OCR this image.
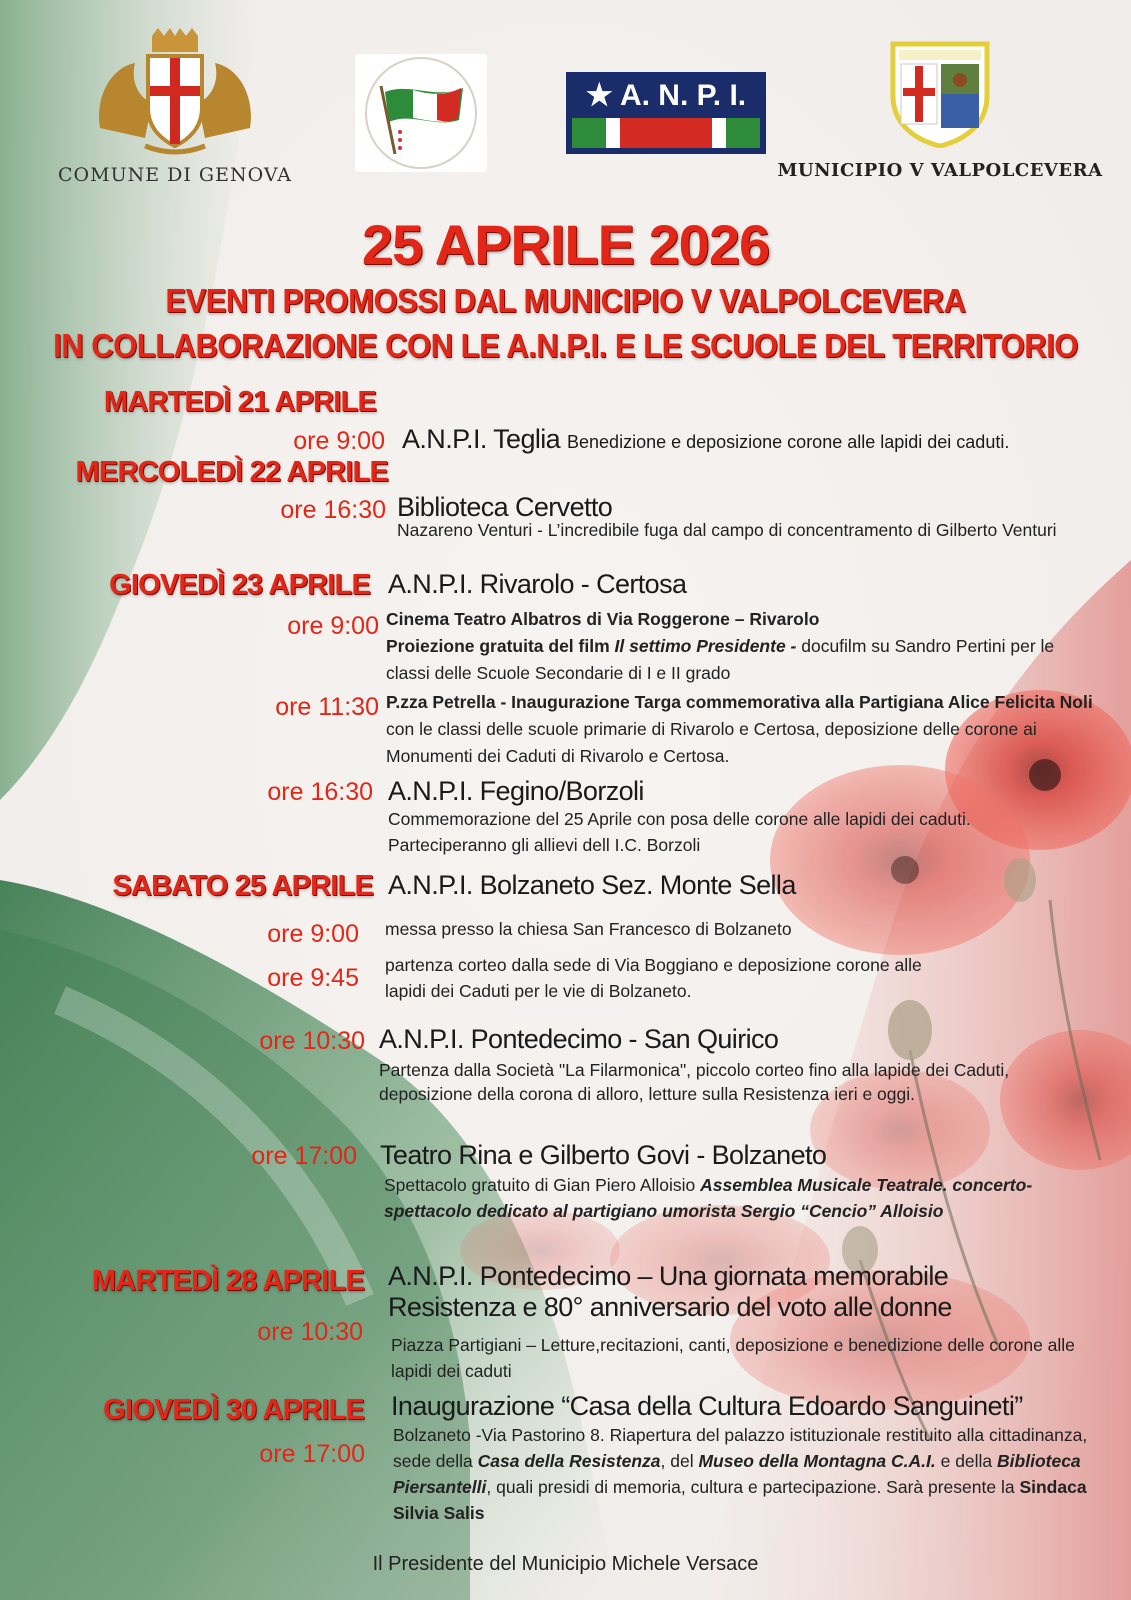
COMUNE DI GENOVA
★ A. N. P. I.
MUNICIPIO V VALPOLCEVERA
25 APRILE 2026
EVENTI PROMOSSI DAL MUNICIPIO V VALPOLCEVERA
IN COLLABORAZIONE CON LE A.N.P.I. E LE SCUOLE DEL TERRITORIO
MARTEDÌ 21 APRILE
ore 9:00 A.N.P.I. Teglia Benedizione e deposizione corone alle lapidi dei caduti.
MERCOLEDÌ 22 APRILE
ore 16:30 Biblioteca Cervetto
Nazareno Venturi - L’incredibile fuga dal campo di concentramento di Gilberto Venturi
GIOVEDÌ 23 APRILE A.N.P.I. Rivarolo - Certosa
ore 9:00 Cinema Teatro Albatros di Via Roggerone – Rivarolo
Proiezione gratuita del film Il settimo Presidente - docufilm su Sandro Pertini per le classi delle Scuole Secondarie di I e II grado
ore 11:30 P.zza Petrella - Inaugurazione Targa commemorativa alla Partigiana Alice Felicita Noli con le classi delle scuole primarie di Rivarolo e Certosa, deposizione delle corone ai Monumenti dei Caduti di Rivarolo e Certosa.
ore 16:30 A.N.P.I. Fegino/Borzoli
Commemorazione del 25 Aprile con posa delle corone alle lapidi dei caduti. Parteciperanno gli allievi dell I.C. Borzoli
SABATO 25 APRILE A.N.P.I. Bolzaneto Sez. Monte Sella
ore 9:00 messa presso la chiesa San Francesco di Bolzaneto
ore 9:45 partenza corteo dalla sede di Via Boggiano e deposizione corone alle lapidi dei Caduti per le vie di Bolzaneto.
ore 10:30 A.N.P.I. Pontedecimo - San Quirico
Partenza dalla Società "La Filarmonica", piccolo corteo fino alla lapide dei Caduti, deposizione della corona di alloro, letture sulla Resistenza ieri e oggi.
ore 17:00 Teatro Rina e Gilberto Govi - Bolzaneto
Spettacolo gratuito di Gian Piero Alloisio Assemblea Musicale Teatrale. concerto- spettacolo dedicato al partigiano umorista Sergio “Cencio” Alloisio
MARTEDÌ 28 APRILE A.N.P.I. Pontedecimo – Una giornata memorabile
Resistenza e 80° anniversario del voto alle donne
ore 10:30 Piazza Partigiani – Letture,recitazioni, canti, deposizione e benedizione delle corone alle lapidi dei caduti
GIOVEDÌ 30 APRILE Inaugurazione “Casa della Cultura Edoardo Sanguineti”
ore 17:00
Bolzaneto -Via Pastorino 8. Riapertura del palazzo istituzionale restituito alla cittadinanza, sede della Casa della Resistenza, del Museo della Montagna C.A.I. e della Biblioteca Piersantelli, quali presidi di memoria, cultura e partecipazione. Sarà presente la Sindaca Silvia Salis
Il Presidente del Municipio Michele Versace
